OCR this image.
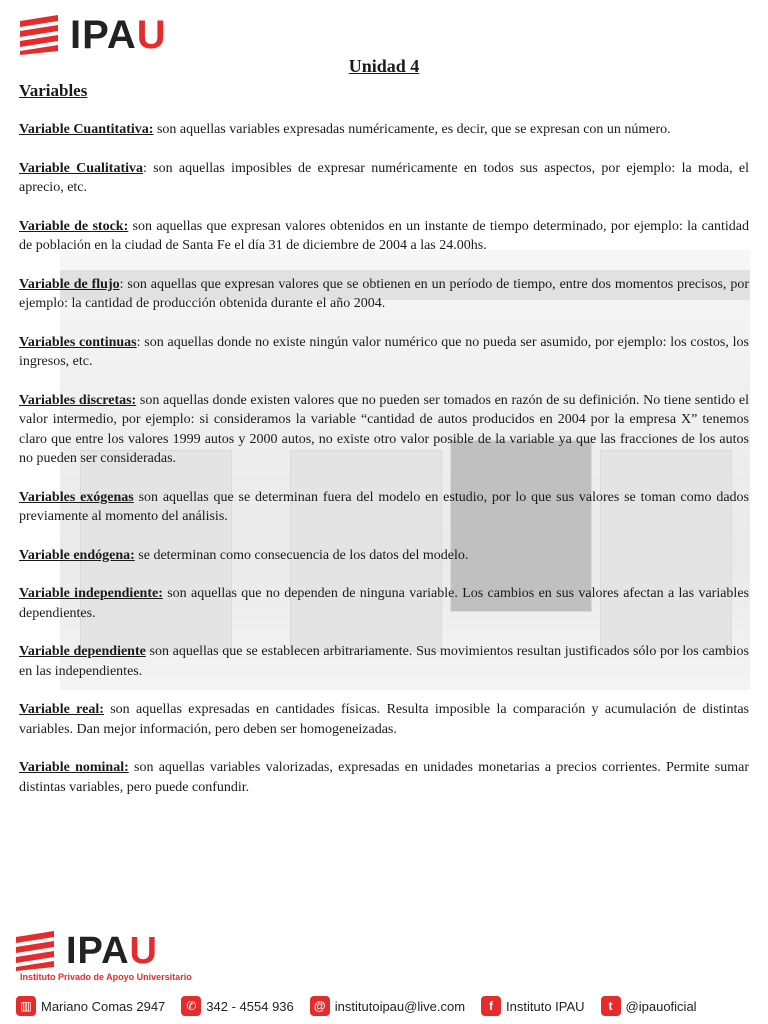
IPAU
Unidad 4
Variables

Variable Cuantitativa: son aquellas variables expresadas numéricamente, es decir, que se expresan con un número.

Variable Cualitativa: son aquellas imposibles de expresar numéricamente en todos sus aspectos, por ejemplo: la moda, el aprecio, etc.

Variable de stock: son aquellas que expresan valores obtenidos en un instante de tiempo determinado, por ejemplo: la cantidad de población en la ciudad de Santa Fe el día 31 de diciembre de 2004 a las 24.00hs.

Variable de flujo: son aquellas que expresan valores que se obtienen en un período de tiempo, entre dos momentos precisos, por ejemplo: la cantidad de producción obtenida durante el año 2004.

Variables continuas: son aquellas donde no existe ningún valor numérico que no pueda ser asumido, por ejemplo: los costos, los ingresos, etc.

Variables discretas: son aquellas donde existen valores que no pueden ser tomados en razón de su definición. No tiene sentido el valor intermedio, por ejemplo: si consideramos la variable “cantidad de autos producidos en 2004 por la empresa X” tenemos claro que entre los valores 1999 autos y 2000 autos, no existe otro valor posible de la variable ya que las fracciones de los autos no pueden ser consideradas.

Variables exógenas son aquellas que se determinan fuera del modelo en estudio, por lo que sus valores se toman como dados previamente al momento del análisis.

Variable endógena: se determinan como consecuencia de los datos del modelo.

Variable independiente: son aquellas que no dependen de ninguna variable. Los cambios en sus valores afectan a las variables dependientes.

Variable dependiente son aquellas que se establecen arbitrariamente. Sus movimientos resultan justificados sólo por los cambios en las independientes.

Variable real: son aquellas expresadas en cantidades físicas. Resulta imposible la comparación y acumulación de distintas variables. Dan mejor información, pero deben ser homogeneizadas.

Variable nominal: son aquellas variables valorizadas, expresadas en unidades monetarias a precios corrientes. Permite sumar distintas variables, pero puede confundir.

IPAU
Instituto Privado de Apoyo Universitario
▥ Mariano Comas 2947	✆ 342 - 4554 936	@ institutoipau@live.com	f	Instituto IPAU	t	@ipauoficial
